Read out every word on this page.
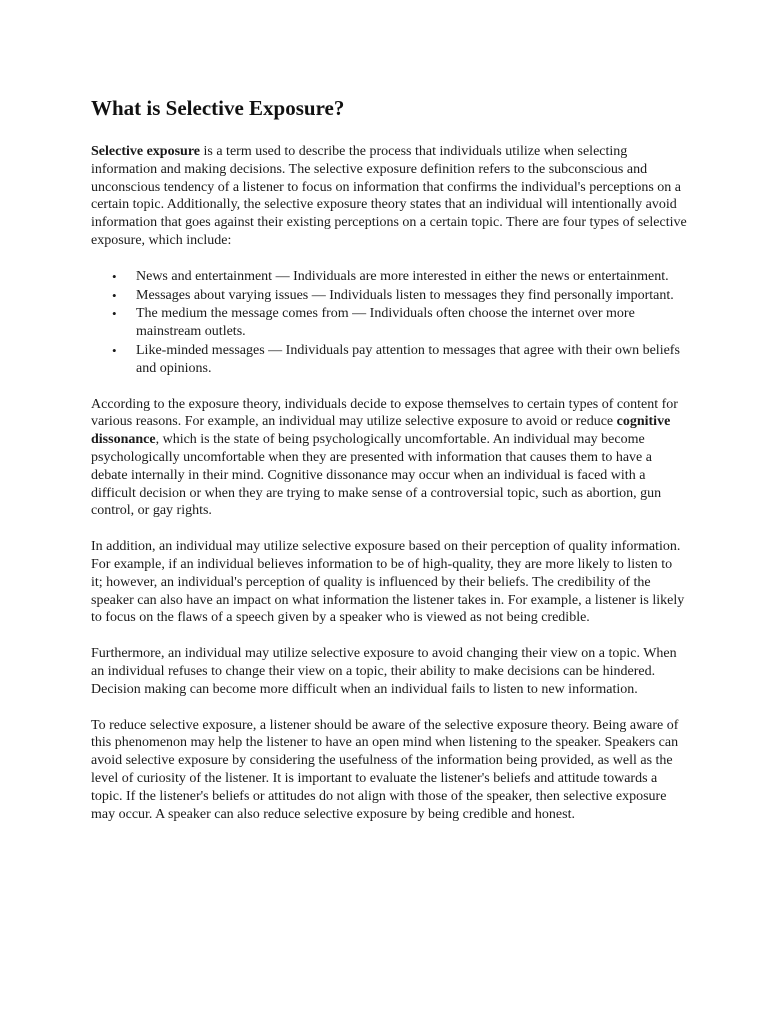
What is Selective Exposure?

Selective exposure is a term used to describe the process that individuals utilize when selecting information and making decisions. The selective exposure definition refers to the subconscious and unconscious tendency of a listener to focus on information that confirms the individual's perceptions on a certain topic. Additionally, the selective exposure theory states that an individual will intentionally avoid information that goes against their existing perceptions on a certain topic. There are four types of selective exposure, which include:

• News and entertainment — Individuals are more interested in either the news or entertainment.
• Messages about varying issues — Individuals listen to messages they find personally important.
• The medium the message comes from — Individuals often choose the internet over more mainstream outlets.
• Like-minded messages — Individuals pay attention to messages that agree with their own beliefs and opinions.

According to the exposure theory, individuals decide to expose themselves to certain types of content for various reasons. For example, an individual may utilize selective exposure to avoid or reduce cognitive dissonance, which is the state of being psychologically uncomfortable. An individual may become psychologically uncomfortable when they are presented with information that causes them to have a debate internally in their mind. Cognitive dissonance may occur when an individual is faced with a difficult decision or when they are trying to make sense of a controversial topic, such as abortion, gun control, or gay rights.

In addition, an individual may utilize selective exposure based on their perception of quality information. For example, if an individual believes information to be of high-quality, they are more likely to listen to it; however, an individual's perception of quality is influenced by their beliefs. The credibility of the speaker can also have an impact on what information the listener takes in. For example, a listener is likely to focus on the flaws of a speech given by a speaker who is viewed as not being credible.

Furthermore, an individual may utilize selective exposure to avoid changing their view on a topic. When an individual refuses to change their view on a topic, their ability to make decisions can be hindered. Decision making can become more difficult when an individual fails to listen to new information.

To reduce selective exposure, a listener should be aware of the selective exposure theory. Being aware of this phenomenon may help the listener to have an open mind when listening to the speaker. Speakers can avoid selective exposure by considering the usefulness of the information being provided, as well as the level of curiosity of the listener. It is important to evaluate the listener's beliefs and attitude towards a topic. If the listener's beliefs or attitudes do not align with those of the speaker, then selective exposure may occur. A speaker can also reduce selective exposure by being credible and honest.
